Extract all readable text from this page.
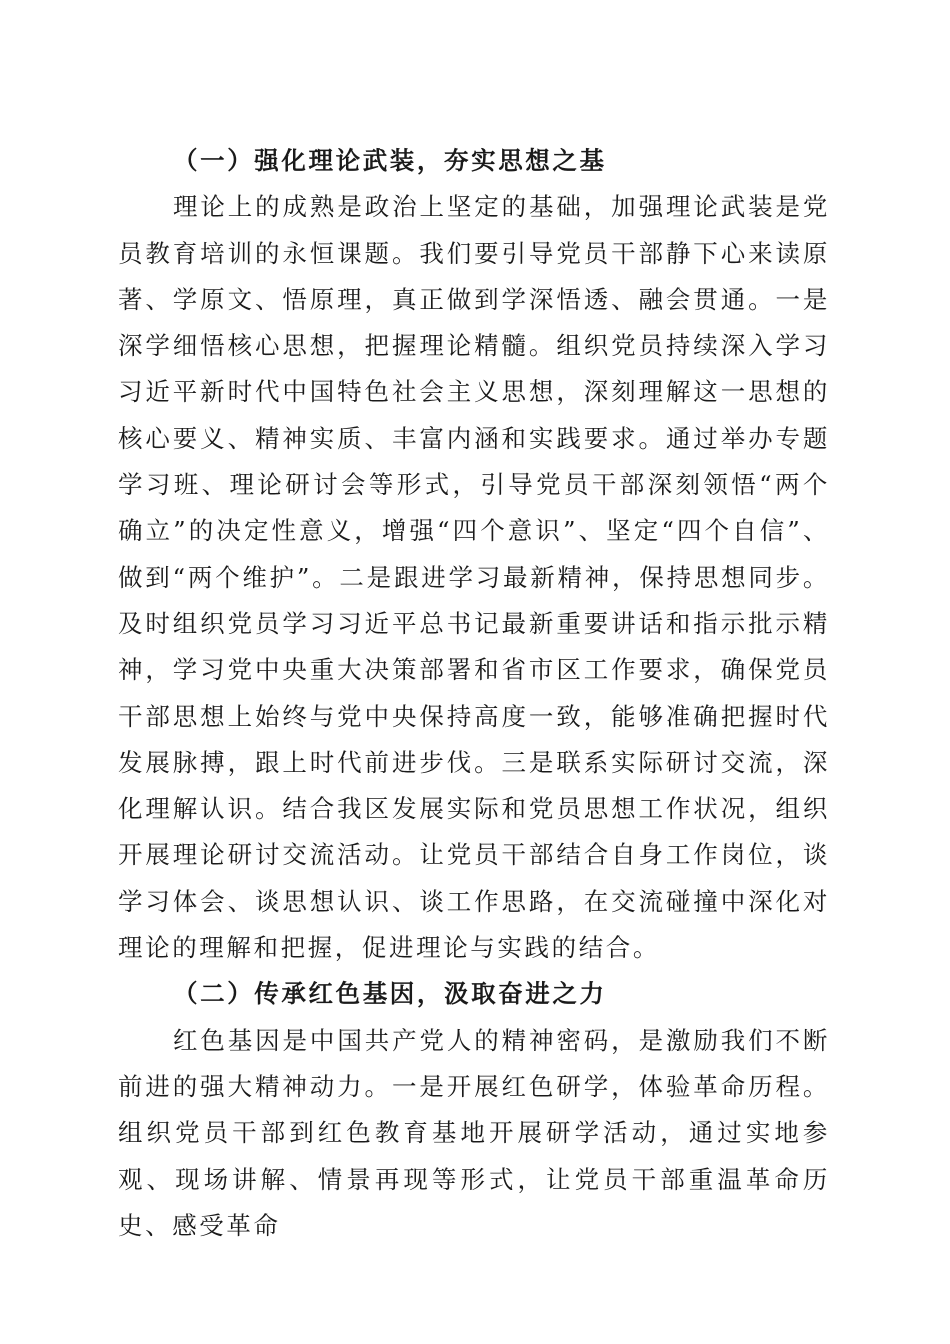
（一）强化理论武装，夯实思想之基

理论上的成熟是政治上坚定的基础，加强理论武装是党员教育培训的永恒课题。我们要引导党员干部静下心来读原著、学原文、悟原理，真正做到学深悟透、融会贯通。一是深学细悟核心思想，把握理论精髓。组织党员持续深入学习习近平新时代中国特色社会主义思想，深刻理解这一思想的核心要义、精神实质、丰富内涵和实践要求。通过举办专题学习班、理论研讨会等形式，引导党员干部深刻领悟“两个确立”的决定性意义，增强“四个意识”、坚定“四个自信”、做到“两个维护”。二是跟进学习最新精神，保持思想同步。及时组织党员学习习近平总书记最新重要讲话和指示批示精神，学习党中央重大决策部署和省市区工作要求，确保党员干部思想上始终与党中央保持高度一致，能够准确把握时代发展脉搏，跟上时代前进步伐。三是联系实际研讨交流，深化理解认识。结合我区发展实际和党员思想工作状况，组织开展理论研讨交流活动。让党员干部结合自身工作岗位，谈学习体会、谈思想认识、谈工作思路，在交流碰撞中深化对理论的理解和把握，促进理论与实践的结合。

（二）传承红色基因，汲取奋进之力

红色基因是中国共产党人的精神密码，是激励我们不断前进的强大精神动力。一是开展红色研学，体验革命历程。组织党员干部到红色教育基地开展研学活动，通过实地参观、现场讲解、情景再现等形式，让党员干部重温革命历史、感受革命
